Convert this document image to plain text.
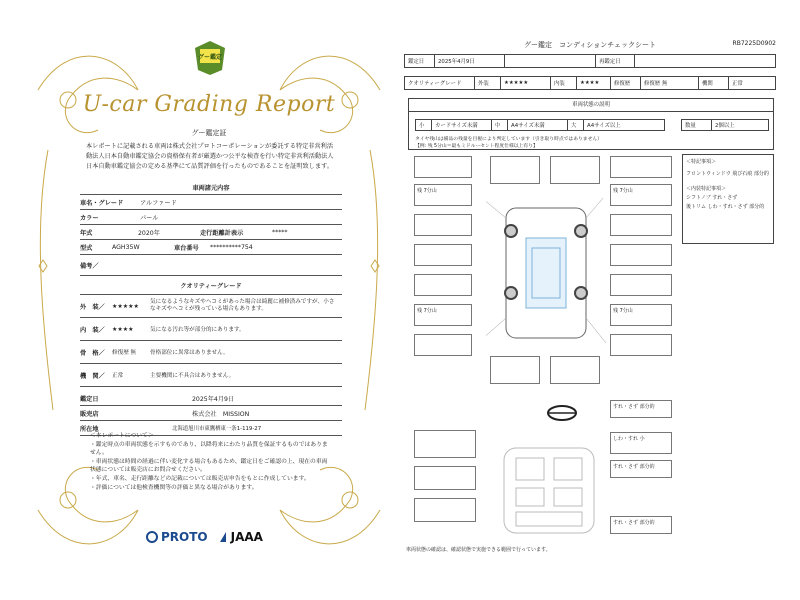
グー鑑定
U-car Grading Report
グー鑑定証
本レポートに記載される車両は株式会社プロトコーポレーションが委託する特定非営利活動法人日本自動車鑑定協会の資格保有者が厳選かつ公平な検査を行い特定非営利活動法人日本自動車鑑定協会の定める基準にて品質評価を行ったものであることを証明致します。
車両諸元内容
車名・グレード	アルファード
カラー	パール
年式	2020年	走行距離計表示	*****
型式	AGH35W	車台番号	**********754
備考／
クオリティーグレード
外　装／	★★★★★
気になるようなキズやヘコミがあった場合は綺麗に補修済みですが、小さなキズやヘコミが残っている場合もあります。
内　装／	★★★★	気になる汚れ等が部分的にあります。
骨　格／	修復歴 無	骨格部位に異常はありません。
機　関／	正常	主要機関に不具合はありません。
鑑定日	2025年4月9日
販売店	株式会社　MISSION
所在地	北海道旭川市東鷹栖東一条1-119-27
＜本レポートについて＞
・鑑定時点の車両状態を示すものであり、以降将来にわたり品質を保証するものではありません。
・車両状態は時間の経過に伴い変化する場合もあるため、鑑定日をご確認の上、現在の車両状態については販売店にお問合せください。
・年式、車名、走行距離などの記載については販売店申告をもとに作成しています。
・評価については他検査機関等の評価と異なる場合があります。
PROTO JAAA
グー鑑定　コンディションチェックシート	RB7225D0902
鑑定日	2025年4月9日	再鑑定日
クオリティーグレード	外装	★★★★★	内装	★★★★	修復歴	修復歴 無	機関	正常
車両状態の説明
小	カードサイズ未満	中	A4サイズ未満	大	A4サイズ以上	数量	2個以上
タイヤ残山は備品の残量を目視により判定しています（引き取り時点ではありません）
【例: 残 5分山＝最もミドルーセント程度仕様以上有り】
＜特記事項＞
フロントウィンドウ 飛び石痕 部分的
＜内装特記事項＞
シフトノブ すれ・さず
後トリム しわ・すれ・さず 部分的
残 7分山	残 7分山
残 7分山	残 7分山
すれ・さず 部分的
しわ・すれ 小
すれ・さず 部分的
すれ・さず 部分的
車両状態の確認は、確認状態で実施できる範囲で行っています。
